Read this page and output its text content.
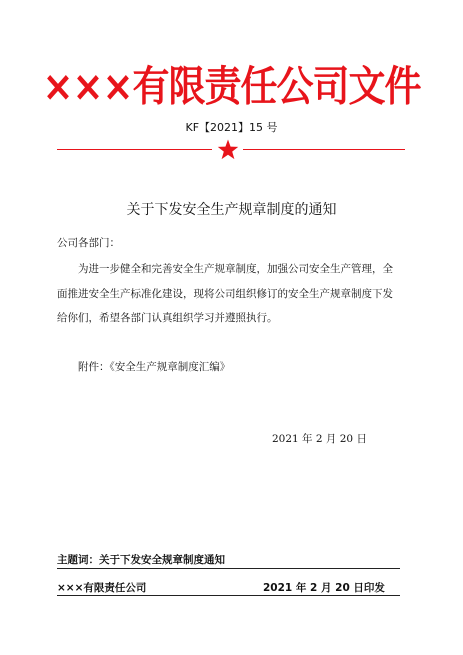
×××有限责任公司文件
KF【2021】15 号
关于下发安全生产规章制度的通知
公司各部门：
为进一步健全和完善安全生产规章制度，加强公司安全生产管理，全
面推进安全生产标准化建设，现将公司组织修订的安全生产规章制度下发
给你们，希望各部门认真组织学习并遵照执行。
附件：《安全生产规章制度汇编》
2021 年 2 月 20 日
主题词：关于下发安全规章制度通知
×××有限责任公司	2021 年 2 月 20 日印发
